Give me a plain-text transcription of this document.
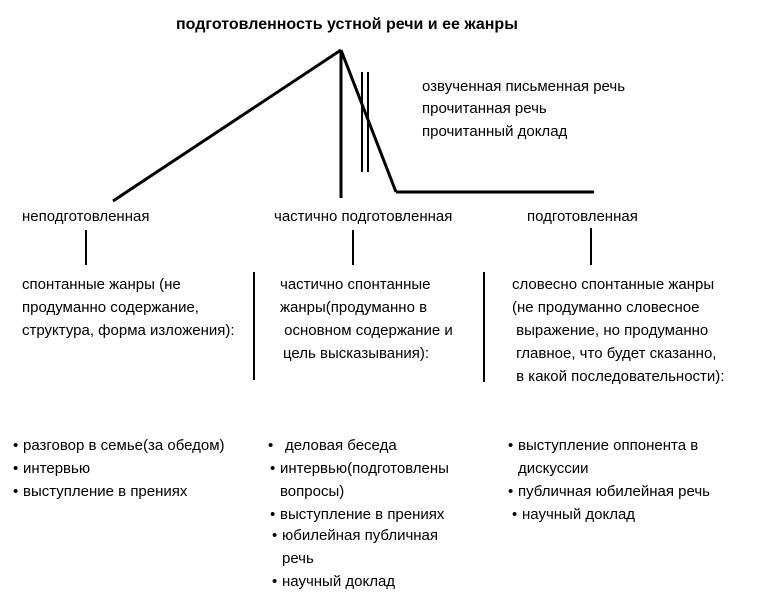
подготовленность устной речи и ее жанры
озвученная письменная речь
прочитанная речь
прочитанный доклад
неподготовленная	частично подготовленная	подготовленная
спонтанные жанры (не
продуманно содержание,
структура, форма изложения):
частично спонтанные
жанры(продуманно в
основном содержание и
цель высказывания):
словесно спонтанные жанры
(не продуманно словесное
выражение, но продуманно
главное, что будет сказанно,
в какой последовательности):
• разговор в семье(за обедом)
• интервью
• выступление в прениях
• деловая беседа
• интервью(подготовлены
вопросы)
• выступление в прениях
• юбилейная публичная
речь
• научный доклад
• выступление оппонента в
дискуссии
• публичная юбилейная речь
• научный доклад
